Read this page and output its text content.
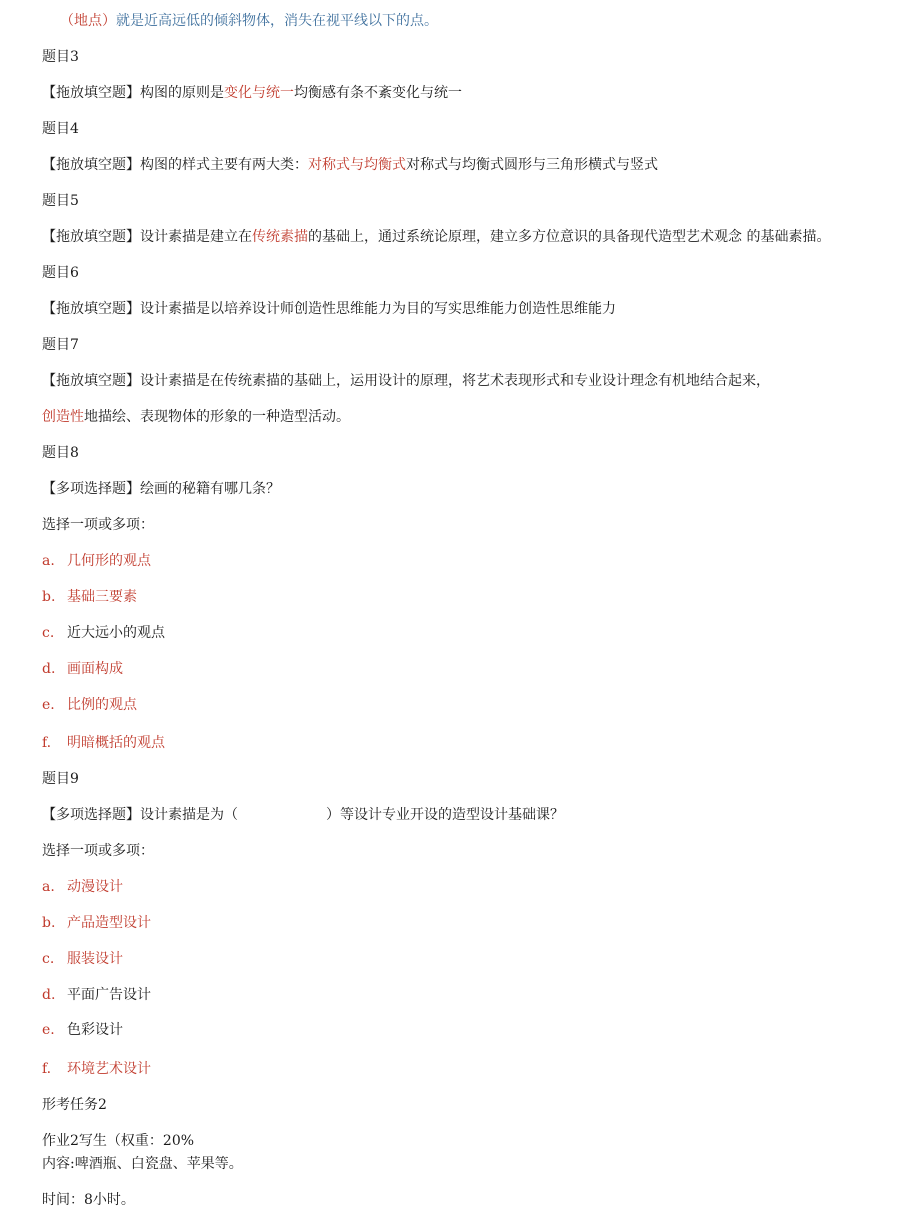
（地点）就是近高远低的倾斜物体，消失在视平线以下的点。
题目3
【拖放填空题】构图的原则是变化与统一均衡感有条不紊变化与统一
题目4
【拖放填空题】构图的样式主要有两大类：对称式与均衡式对称式与均衡式圆形与三角形横式与竖式
题目5
【拖放填空题】设计素描是建立在传统素描的基础上，通过系统论原理，建立多方位意识的具备现代造型艺术观念 的基础素描。
题目6
【拖放填空题】设计素描是以培养设计师创造性思维能力为目的写实思维能力创造性思维能力
题目7
【拖放填空题】设计素描是在传统素描的基础上，运用设计的原理，将艺术表现形式和专业设计理念有机地结合起来，
创造性地描绘、表现物体的形象的一种造型活动。
题目8
【多项选择题】绘画的秘籍有哪几条？
选择一项或多项：
a. 几何形的观点
b. 基础三要素
c. 近大远小的观点
d. 画面构成
e. 比例的观点
f. 明暗概括的观点
题目9
【多项选择题】设计素描是为（	）等设计专业开设的造型设计基础课？
选择一项或多项：
a. 动漫设计
b. 产品造型设计
c. 服装设计
d. 平面广告设计
e. 色彩设计
f. 环境艺术设计
形考任务2
作业2写生（权重：20%
内容:啤酒瓶、白瓷盘、苹果等。
时间：8小时。
